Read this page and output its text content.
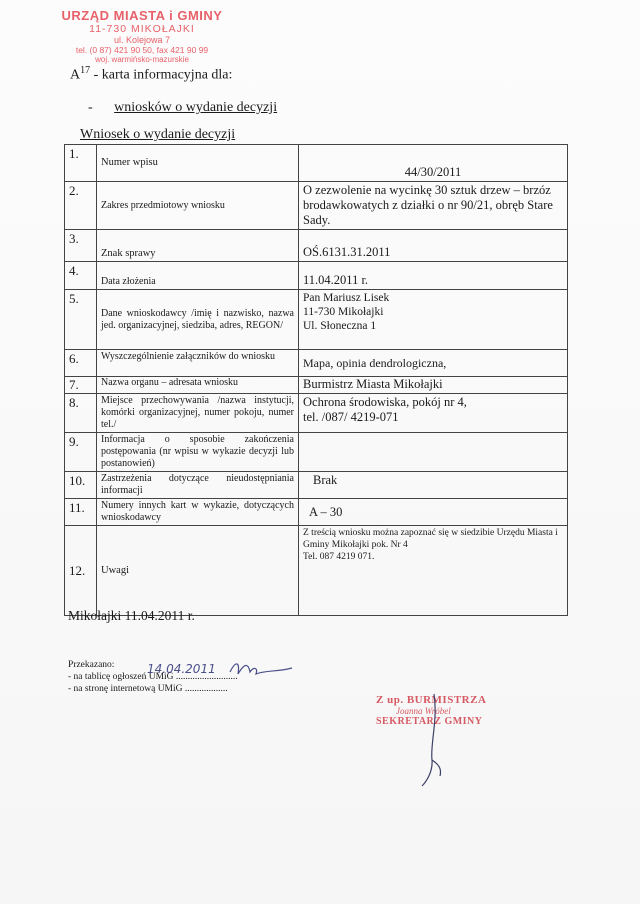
URZĄD MIASTA i GMINY
11-730 MIKOŁAJKI
ul. Kolejowa 7
tel. (0 87) 421 90 50, fax 421 90 99
woj. warmińsko-mazurskie
$A^{17}$ - karta informacyjna dla:
- wniosków o wydanie decyzji
Wniosek o wydanie decyzji
1.	Numer wpisu	44/30/2011
2.	Zakres przedmiotowy wniosku	O zezwolenie na wycinkę 30 sztuk drzew – brzóz brodawkowatych z działki o nr 90/21, obręb Stare Sady.
3.	Znak sprawy	OŚ.6131.31.2011
4.	Data złożenia	11.04.2011 r.
5.	Dane wnioskodawcy /imię i nazwisko, nazwa jed. organizacyjnej, siedziba, adres, REGON/	Pan Mariusz Lisek
11-730 Mikołajki
Ul. Słoneczna 1

6.	Wyszczególnienie załączników do wniosku	Mapa, opinia dendrologiczna,
7.	Nazwa organu – adresata wniosku	Burmistrz Miasta Mikołajki
8.	Miejsce przechowywania /nazwa instytucji, komórki organizacyjnej, numer pokoju, numer tel./	Ochrona środowiska, pokój nr 4,
tel. /087/ 4219-071

9.	Informacja o sposobie zakończenia postępowania (nr wpisu w wykazie decyzji lub postanowień)	
10.	Zastrzeżenia dotyczące nieudostępniania informacji	Brak
11.	Numery innych kart w wykazie, dotyczących wnioskodawcy	A – 30
12.	Uwagi	Z treścią wniosku można zapoznać się w siedzibie Urzędu Miasta i Gminy Mikołajki pok. Nr 4
Tel. 087 4219 071.
Mikołajki 11.04.2011 r.
Przekazano:
- na tablicę ogłoszeń UMiG ..........................
- na stronę internetową UMiG ..................
14.04.2011
Z up. BURMISTRZA
Joanna Wróbel
SEKRETARZ GMINY
